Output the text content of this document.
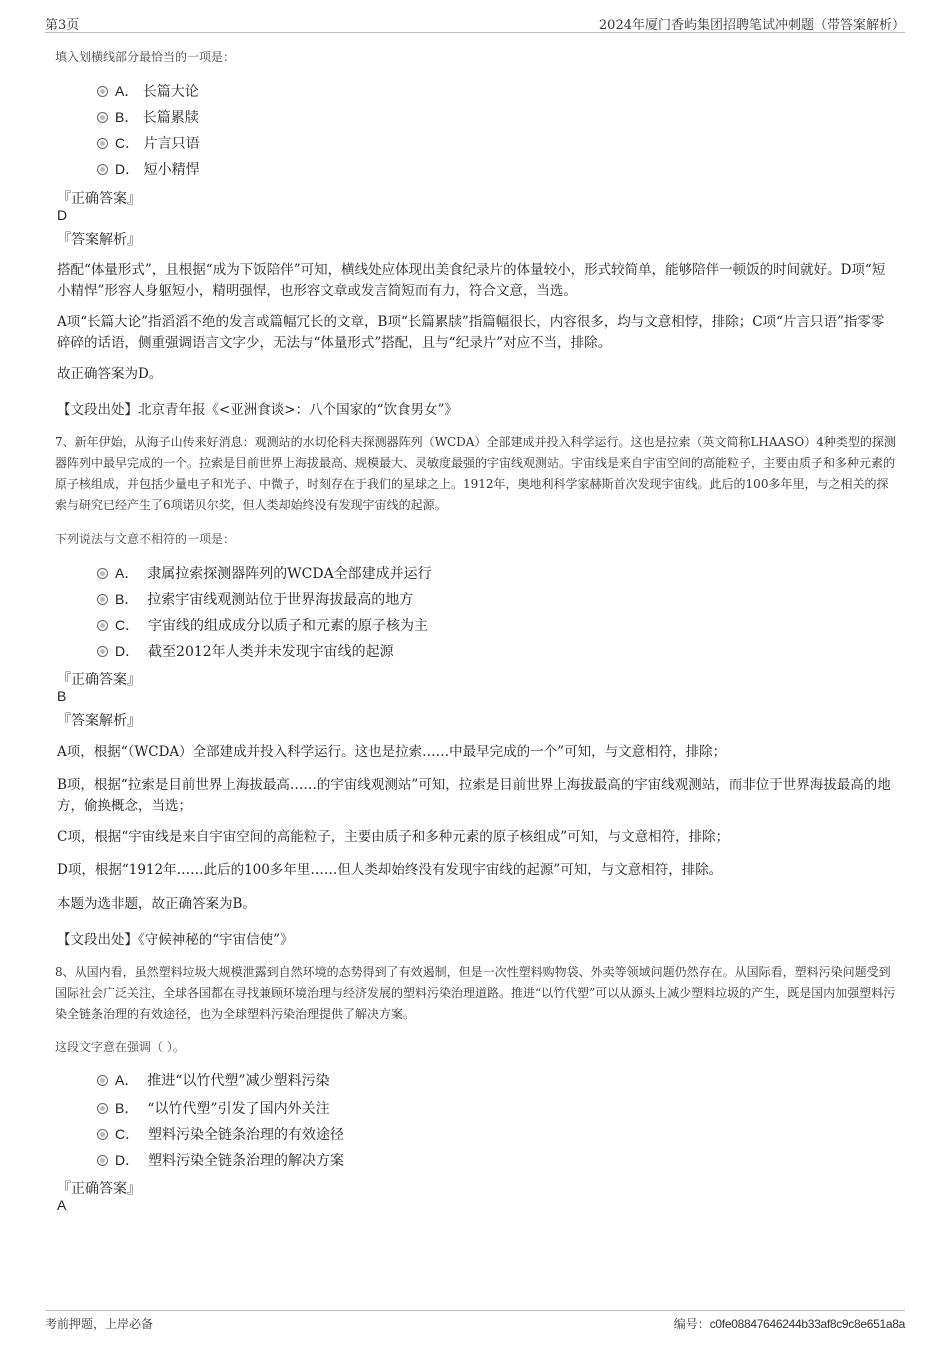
第3页	2024年厦门香屿集团招聘笔试冲刺题（带答案解析）
填入划横线部分最恰当的一项是：
A． 长篇大论
B． 长篇累牍
C． 片言只语
D． 短小精悍
『正确答案』
D
『答案解析』
搭配“体量形式”，且根据“成为下饭陪伴”可知，横线处应体现出美食纪录片的体量较小，形式较简单，能够陪伴一顿饭的时间就好。D项“短小精悍”形容人身躯短小，精明强悍，也形容文章或发言简短而有力，符合文意，当选。
A项“长篇大论”指滔滔不绝的发言或篇幅冗长的文章，B项“长篇累牍”指篇幅很长，内容很多，均与文意相悖，排除；C项“片言只语”指零零碎碎的话语，侧重强调语言文字少，无法与“体量形式”搭配，且与“纪录片”对应不当，排除。
故正确答案为D。
【文段出处】北京青年报《<亚洲食谈>：八个国家的“饮食男女”》
7、新年伊始，从海子山传来好消息：观测站的水切伦科夫探测器阵列（WCDA）全部建成并投入科学运行。这也是拉索（英文简称LHAASO）4种类型的探测器阵列中最早完成的一个。拉索是目前世界上海拔最高、规模最大、灵敏度最强的宇宙线观测站。宇宙线是来自宇宙空间的高能粒子，主要由质子和多种元素的原子核组成，并包括少量电子和光子、中微子，时刻存在于我们的星球之上。1912年，奥地利科学家赫斯首次发现宇宙线。此后的100多年里，与之相关的探索与研究已经产生了6项诺贝尔奖，但人类却始终没有发现宇宙线的起源。
下列说法与文意不相符的一项是：
A． 隶属拉索探测器阵列的WCDA全部建成并运行
B． 拉索宇宙线观测站位于世界海拔最高的地方
C． 宇宙线的组成成分以质子和元素的原子核为主
D． 截至2012年人类并未发现宇宙线的起源
『正确答案』
B
『答案解析』
A项，根据“（WCDA）全部建成并投入科学运行。这也是拉索……中最早完成的一个”可知，与文意相符，排除；
B项，根据“拉索是目前世界上海拔最高……的宇宙线观测站”可知，拉索是目前世界上海拔最高的宇宙线观测站，而非位于世界海拔最高的地方，偷换概念，当选；
C项，根据“宇宙线是来自宇宙空间的高能粒子，主要由质子和多种元素的原子核组成”可知，与文意相符，排除；
D项，根据“1912年……此后的100多年里……但人类却始终没有发现宇宙线的起源”可知，与文意相符，排除。
本题为选非题，故正确答案为B。
【文段出处】《守候神秘的“宇宙信使”》
8、从国内看，虽然塑料垃圾大规模泄露到自然环境的态势得到了有效遏制，但是一次性塑料购物袋、外卖等领域问题仍然存在。从国际看，塑料污染问题受到国际社会广泛关注，全球各国都在寻找兼顾环境治理与经济发展的塑料污染治理道路。推进“以竹代塑”可以从源头上减少塑料垃圾的产生，既是国内加强塑料污染全链条治理的有效途径，也为全球塑料污染治理提供了解决方案。
这段文字意在强调（ ）。
A． 推进“以竹代塑”减少塑料污染
B． “以竹代塑”引发了国内外关注
C． 塑料污染全链条治理的有效途径
D． 塑料污染全链条治理的解决方案
『正确答案』
A
考前押题，上岸必备	编号：c0fe08847646244b33af8c9c8e651a8a
